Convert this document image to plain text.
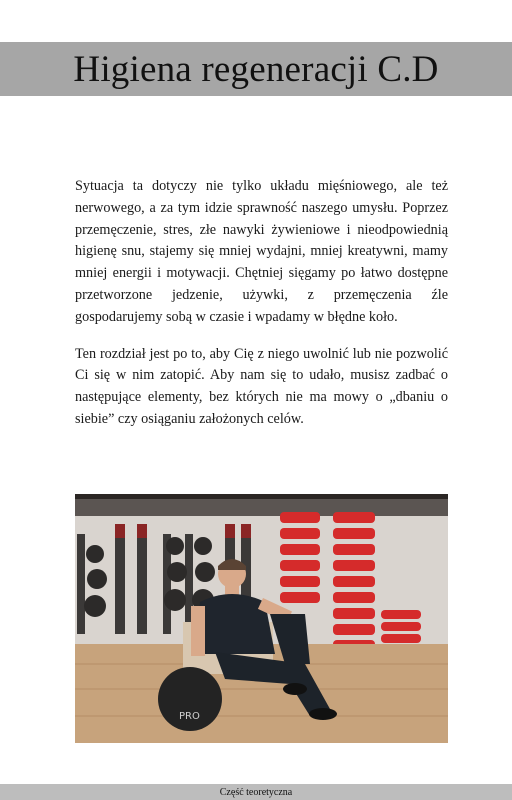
Higiena regeneracji C.D

Sytuacja ta dotyczy nie tylko układu mięśniowego, ale też nerwowego, a za tym idzie sprawność naszego umysłu. Poprzez przemęczenie, stres, złe nawyki żywieniowe i nieodpowiednią higienę snu, stajemy się mniej wydajni, mniej kreatywni, mamy mniej energii i motywacji. Chętniej sięgamy po łatwo dostępne przetworzone jedzenie, używki, z przemęczenia źle gospodarujemy sobą w czasie i wpadamy w błędne koło.

Ten rozdział jest po to, aby Cię z niego uwolnić lub nie pozwolić Ci się w nim zatopić. Aby nam się to udało, musisz zadbać o następujące elementy, bez których nie ma mowy o „dbaniu o siebie” czy osiąganiu założonych celów.

PRO
Część teoretyczna
